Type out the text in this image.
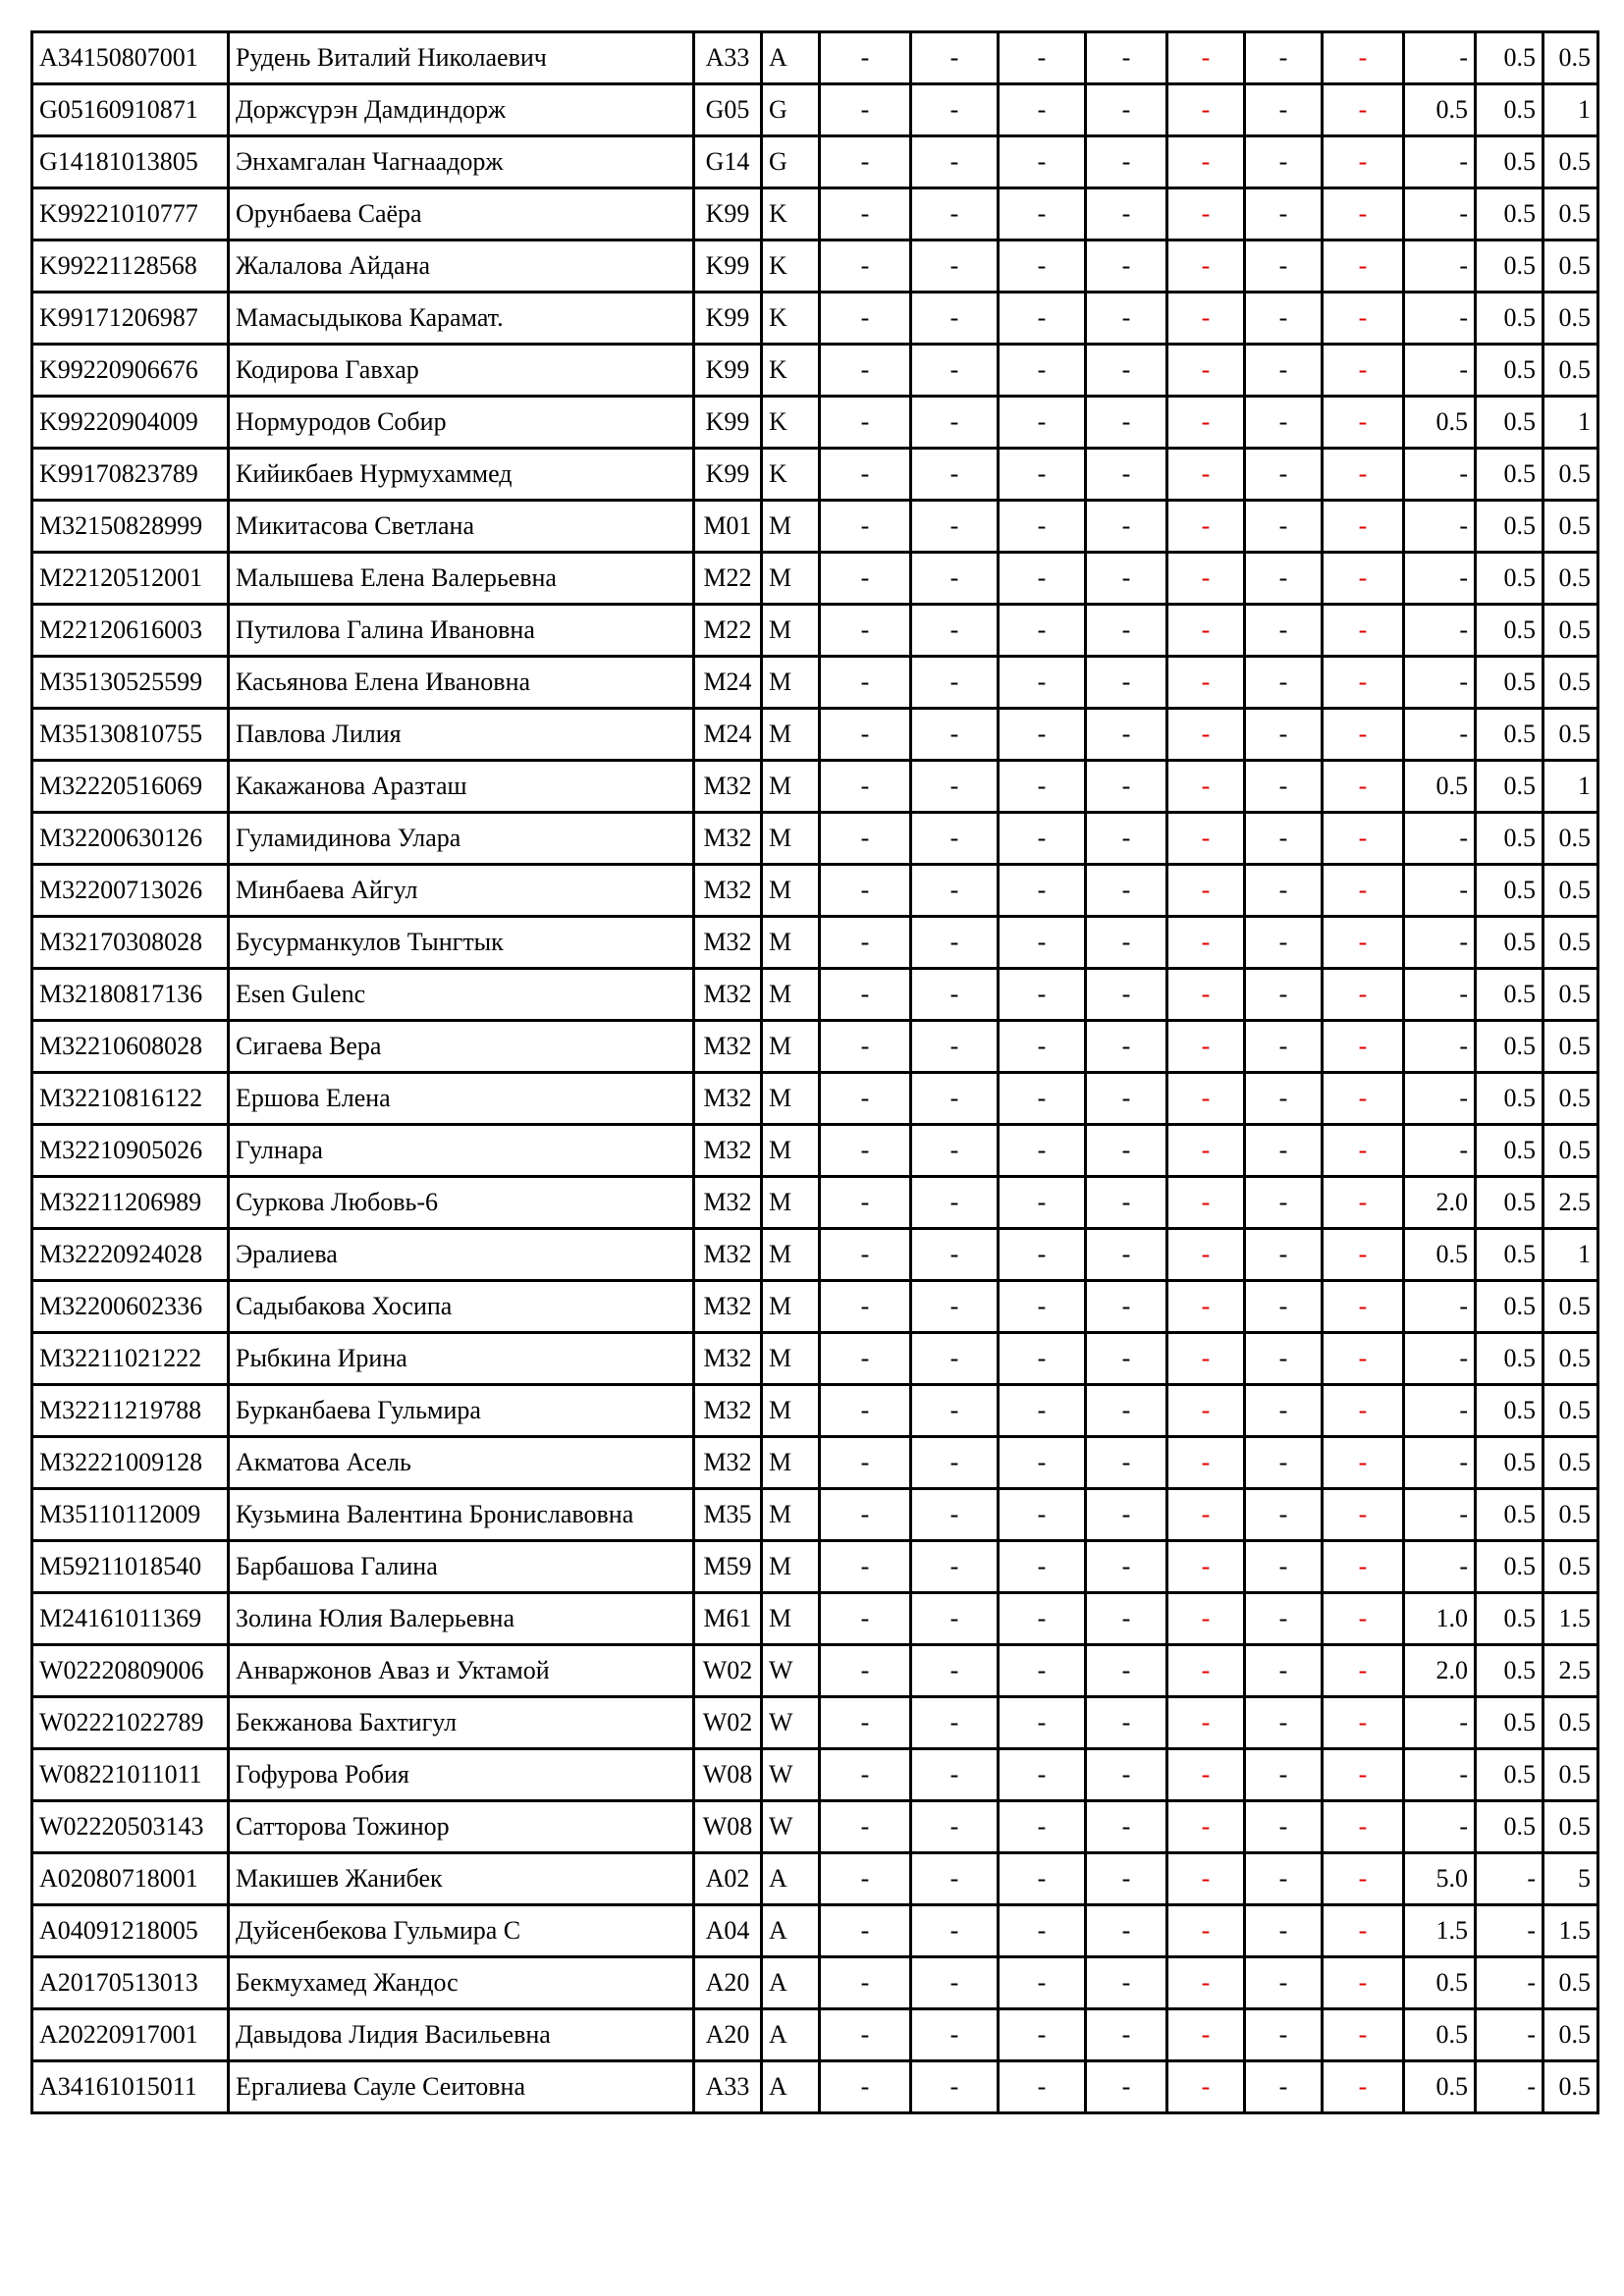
A34150807001	Рудень Виталий Николаевич	A33	A	-	-	-	-	-	-	-	-	0.5	0.5
G05160910871	Доржсүрэн Дамдиндорж	G05	G	-	-	-	-	-	-	-	0.5	0.5	1
G14181013805	Энхамгалан Чагнаадорж	G14	G	-	-	-	-	-	-	-	-	0.5	0.5
K99221010777	Орунбаева Саёра	K99	K	-	-	-	-	-	-	-	-	0.5	0.5
K99221128568	Жалалова Айдана	K99	K	-	-	-	-	-	-	-	-	0.5	0.5
K99171206987	Мамасыдыкова Карамат.	K99	K	-	-	-	-	-	-	-	-	0.5	0.5
K99220906676	Кодирова Гавхар	K99	K	-	-	-	-	-	-	-	-	0.5	0.5
K99220904009	Нормуродов Собир	K99	K	-	-	-	-	-	-	-	0.5	0.5	1
K99170823789	Кийикбаев Нурмухаммед	K99	K	-	-	-	-	-	-	-	-	0.5	0.5
M32150828999	Микитасова Светлана	M01	M	-	-	-	-	-	-	-	-	0.5	0.5
M22120512001	Малышева Елена Валерьевна	M22	M	-	-	-	-	-	-	-	-	0.5	0.5
M22120616003	Путилова Галина Ивановна	M22	M	-	-	-	-	-	-	-	-	0.5	0.5
M35130525599	Касьянова Елена Ивановна	M24	M	-	-	-	-	-	-	-	-	0.5	0.5
M35130810755	Павлова Лилия	M24	M	-	-	-	-	-	-	-	-	0.5	0.5
M32220516069	Какажанова Аразташ	M32	M	-	-	-	-	-	-	-	0.5	0.5	1
M32200630126	Гуламидинова Улара	M32	M	-	-	-	-	-	-	-	-	0.5	0.5
M32200713026	Минбаева Айгул	M32	M	-	-	-	-	-	-	-	-	0.5	0.5
M32170308028	Бусурманкулов Тынгтык	M32	M	-	-	-	-	-	-	-	-	0.5	0.5
M32180817136	Esen Gulenc	M32	M	-	-	-	-	-	-	-	-	0.5	0.5
M32210608028	Сигаева Вера	M32	M	-	-	-	-	-	-	-	-	0.5	0.5
M32210816122	Ершова Елена	M32	M	-	-	-	-	-	-	-	-	0.5	0.5
M32210905026	Гулнара	M32	M	-	-	-	-	-	-	-	-	0.5	0.5
M32211206989	Суркова Любовь-6	M32	M	-	-	-	-	-	-	-	2.0	0.5	2.5
M32220924028	Эралиева	M32	M	-	-	-	-	-	-	-	0.5	0.5	1
M32200602336	Садыбакова Хосипа	M32	M	-	-	-	-	-	-	-	-	0.5	0.5
M32211021222	Рыбкина Ирина	M32	M	-	-	-	-	-	-	-	-	0.5	0.5
M32211219788	Бурканбаева Гульмира	M32	M	-	-	-	-	-	-	-	-	0.5	0.5
M32221009128	Акматова Асель	M32	M	-	-	-	-	-	-	-	-	0.5	0.5
M35110112009	Кузьмина Валентина Брониславовна	M35	M	-	-	-	-	-	-	-	-	0.5	0.5
M59211018540	Барбашова Галина	M59	M	-	-	-	-	-	-	-	-	0.5	0.5
M24161011369	Золина Юлия Валерьевна	M61	M	-	-	-	-	-	-	-	1.0	0.5	1.5
W02220809006	Анваржонов Аваз и Уктамой	W02	W	-	-	-	-	-	-	-	2.0	0.5	2.5
W02221022789	Бекжанова Бахтигул	W02	W	-	-	-	-	-	-	-	-	0.5	0.5
W08221011011	Гофурова Робия	W08	W	-	-	-	-	-	-	-	-	0.5	0.5
W02220503143	Сатторова Тожинор	W08	W	-	-	-	-	-	-	-	-	0.5	0.5
A02080718001	Макишев Жанибек	A02	A	-	-	-	-	-	-	-	5.0	-	5
A04091218005	Дуйсенбекова Гульмира С	A04	A	-	-	-	-	-	-	-	1.5	-	1.5
A20170513013	Бекмухамед Жандос	A20	A	-	-	-	-	-	-	-	0.5	-	0.5
A20220917001	Давыдова Лидия Васильевна	A20	A	-	-	-	-	-	-	-	0.5	-	0.5
A34161015011	Ергалиева Сауле Сеитовна	A33	A	-	-	-	-	-	-	-	0.5	-	0.5
